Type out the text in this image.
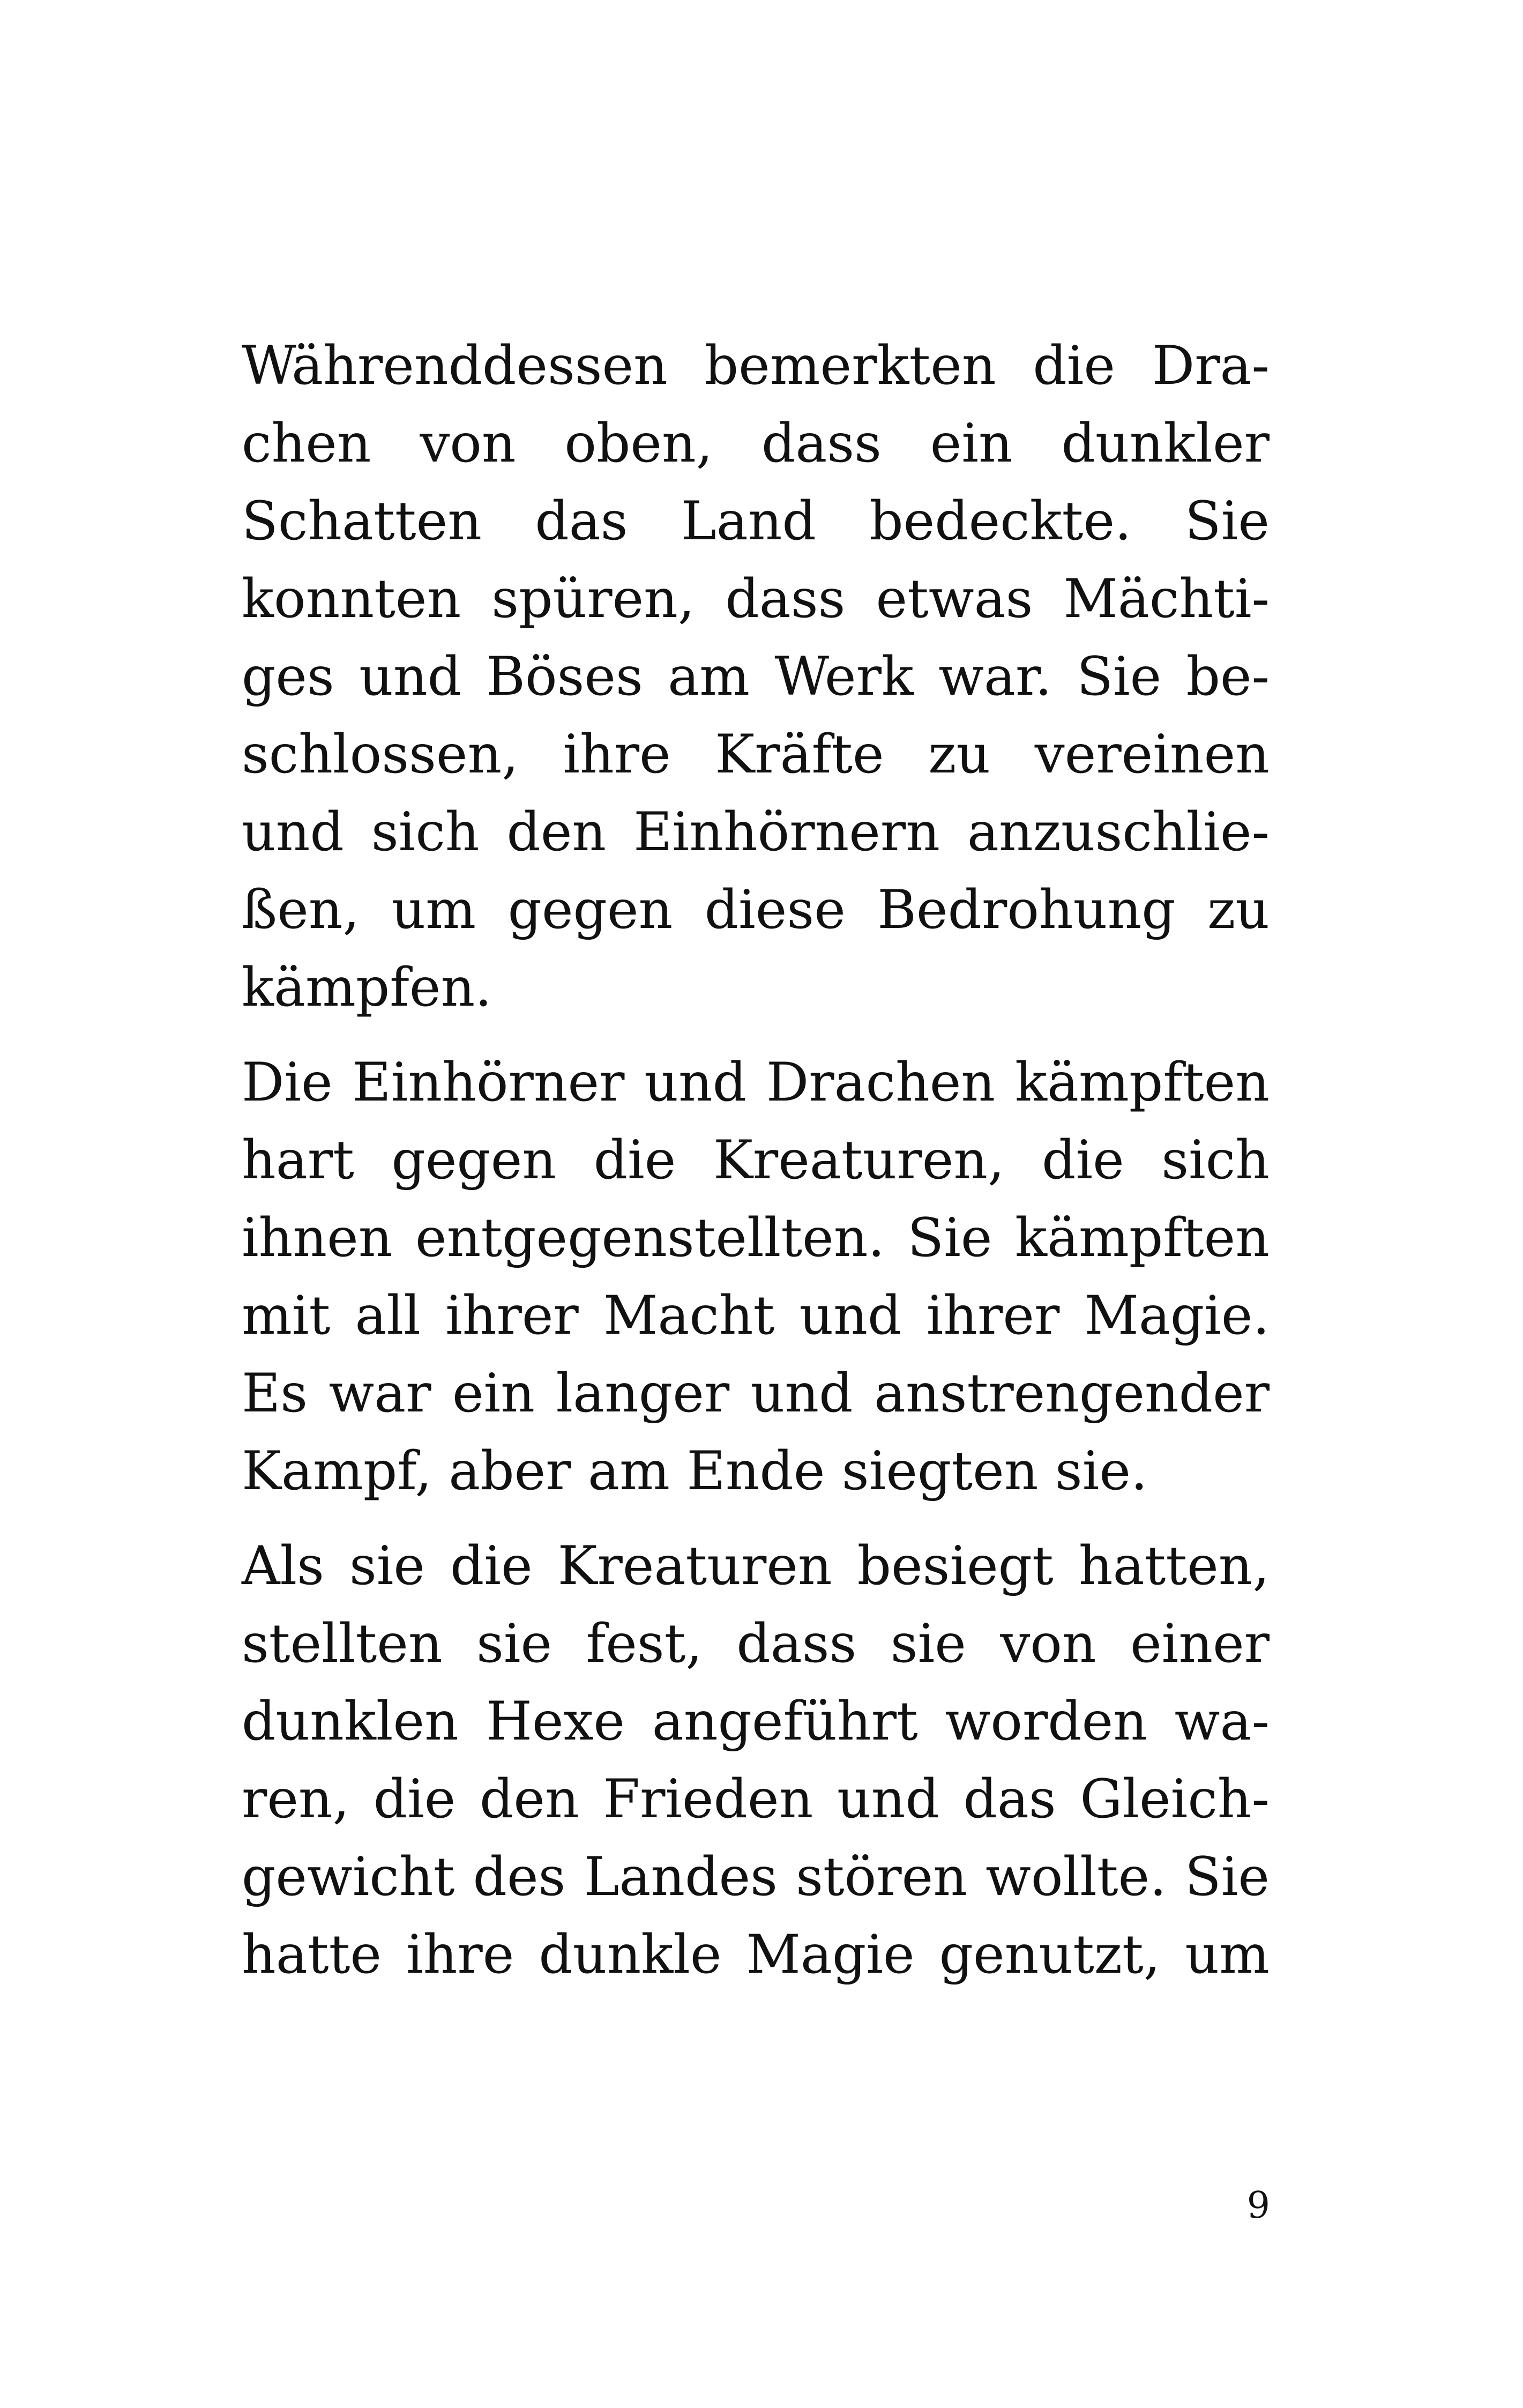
Währenddessen bemerkten die Dra-
chen von oben, dass ein dunkler
Schatten das Land bedeckte. Sie
konnten spüren, dass etwas Mächti-
ges und Böses am Werk war. Sie be-
schlossen, ihre Kräfte zu vereinen
und sich den Einhörnern anzuschlie-
ßen, um gegen diese Bedrohung zu
kämpfen.
Die Einhörner und Drachen kämpften
hart gegen die Kreaturen, die sich
ihnen entgegenstellten. Sie kämpften
mit all ihrer Macht und ihrer Magie.
Es war ein langer und anstrengender
Kampf, aber am Ende siegten sie.
Als sie die Kreaturen besiegt hatten,
stellten sie fest, dass sie von einer
dunklen Hexe angeführt worden wa-
ren, die den Frieden und das Gleich-
gewicht des Landes stören wollte. Sie
hatte ihre dunkle Magie genutzt, um
9
